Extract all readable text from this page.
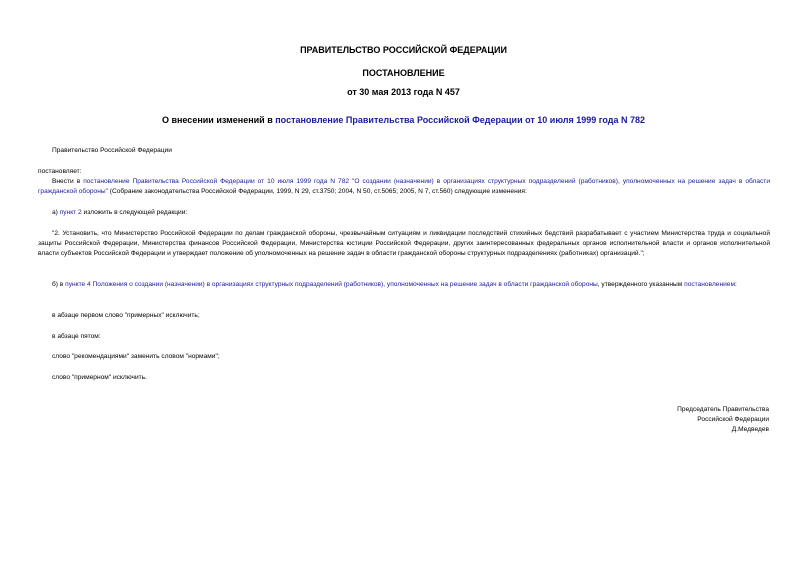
ПРАВИТЕЛЬСТВО РОССИЙСКОЙ ФЕДЕРАЦИИ
ПОСТАНОВЛЕНИЕ
от 30 мая 2013 года N 457
О внесении изменений в постановление Правительства Российской Федерации от 10 июля 1999 года N 782

Правительство Российской Федерации

постановляет:

Внести в постановление Правительства Российской Федерации от 10 июля 1999 года N 782 "О создании (назначении) в организациях структурных подразделений (работников), уполномоченных на решение задач в области гражданской обороны" (Собрание законодательства Российской Федерации, 1999, N 29, ст.3750; 2004, N 50, ст.5065; 2005, N 7, ст.560) следующие изменения:

а) пункт 2 изложить в следующей редакции:

"2. Установить, что Министерство Российской Федерации по делам гражданской обороны, чрезвычайным ситуациям и ликвидации последствий стихийных бедствий разрабатывает с участием Министерства труда и социальной защиты Российской Федерации, Министерства финансов Российской Федерации, Министерства юстиции Российской Федерации, других заинтересованных федеральных органов исполнительной власти и органов исполнительной власти субъектов Российской Федерации и утверждает положение об уполномоченных на решение задач в области гражданской обороны структурных подразделениях (работниках) организаций.";

б) в пункте 4 Положения о создании (назначении) в организациях структурных подразделений (работников), уполномоченных на решение задач в области гражданской обороны, утвержденного указанным постановлением:

в абзаце первом слово "примерных" исключить;

в абзаце пятом:

слово "рекомендациями" заменить словом "нормами";

слово "примерном" исключить.

Председатель Правительства
Российской Федерации
Д.Медведев
